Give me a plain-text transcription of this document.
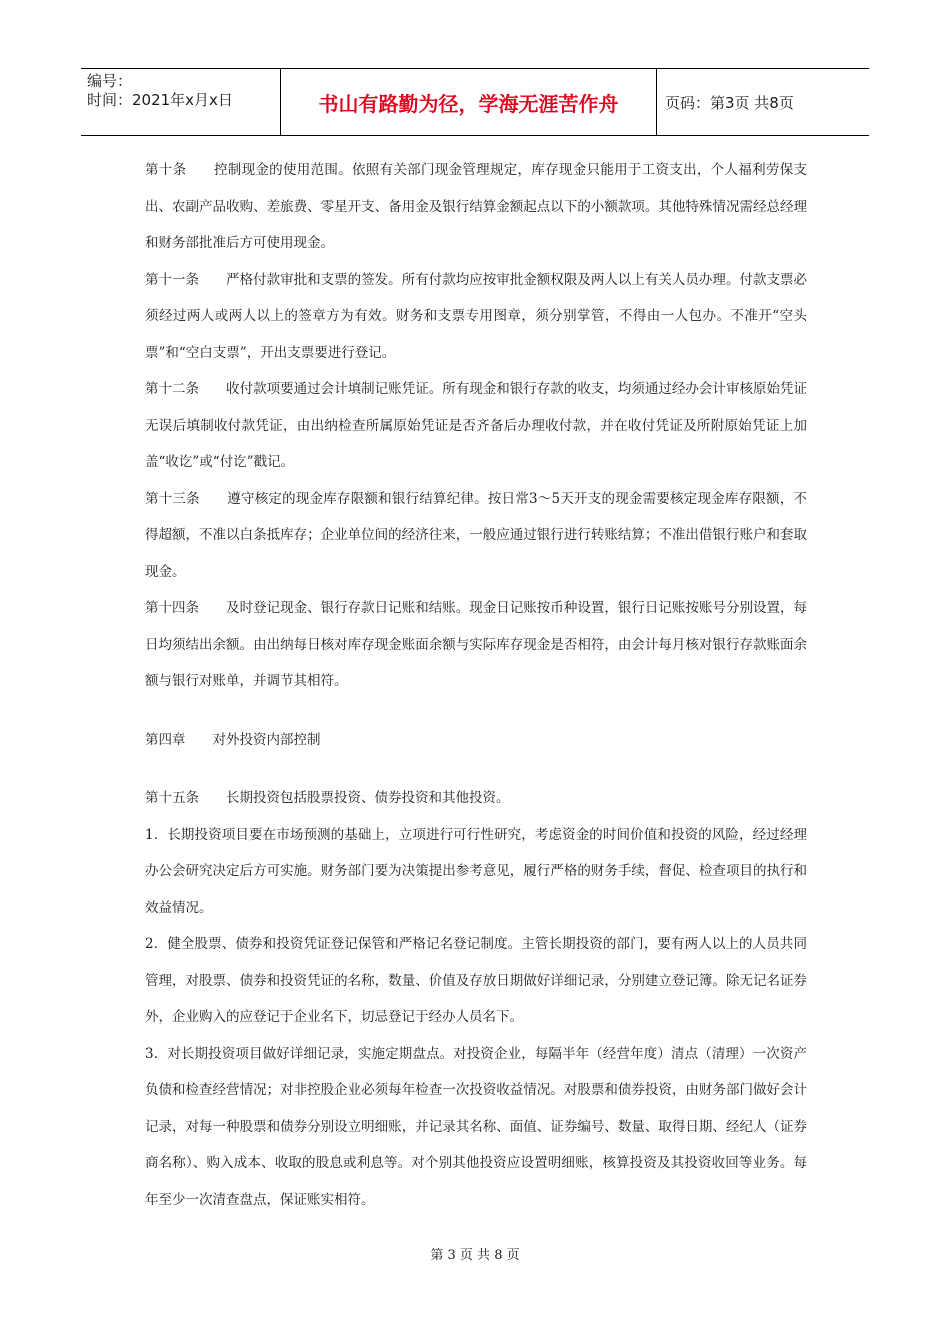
编号：
时间：2021年x月x日	书山有路勤为径，学海无涯苦作舟	页码：第3页 共8页

第十条　　控制现金的使用范围。依照有关部门现金管理规定，库存现金只能用于工资支出，个人福利劳保支出、农副产品收购、差旅费、零星开支、备用金及银行结算金额起点以下的小额款项。其他特殊情况需经总经理和财务部批准后方可使用现金。

第十一条　　严格付款审批和支票的签发。所有付款均应按审批金额权限及两人以上有关人员办理。付款支票必须经过两人或两人以上的签章方为有效。财务和支票专用图章，须分别掌管，不得由一人包办。不准开“空头票”和“空白支票”，开出支票要进行登记。

第十二条　　收付款项要通过会计填制记账凭证。所有现金和银行存款的收支，均须通过经办会计审核原始凭证无误后填制收付款凭证，由出纳检查所属原始凭证是否齐备后办理收付款，并在收付凭证及所附原始凭证上加盖“收讫”或“付讫”戳记。

第十三条　　遵守核定的现金库存限额和银行结算纪律。按日常3～5天开支的现金需要核定现金库存限额，不得超额，不准以白条抵库存；企业单位间的经济往来，一般应通过银行进行转账结算；不准出借银行账户和套取现金。

第十四条　　及时登记现金、银行存款日记账和结账。现金日记账按币种设置，银行日记账按账号分别设置，每日均须结出余额。由出纳每日核对库存现金账面余额与实际库存现金是否相符，由会计每月核对银行存款账面余额与银行对账单，并调节其相符。

第四章　　对外投资内部控制

第十五条　　长期投资包括股票投资、债券投资和其他投资。

1．长期投资项目要在市场预测的基础上，立项进行可行性研究，考虑资金的时间价值和投资的风险，经过经理办公会研究决定后方可实施。财务部门要为决策提出参考意见，履行严格的财务手续，督促、检查项目的执行和效益情况。

2．健全股票、债券和投资凭证登记保管和严格记名登记制度。主管长期投资的部门，要有两人以上的人员共同管理，对股票、债券和投资凭证的名称，数量、价值及存放日期做好详细记录，分别建立登记簿。除无记名证券外，企业购入的应登记于企业名下，切忌登记于经办人员名下。

3．对长期投资项目做好详细记录，实施定期盘点。对投资企业，每隔半年（经营年度）清点（清理）一次资产负债和检查经营情况；对非控股企业必须每年检查一次投资收益情况。对股票和债券投资，由财务部门做好会计记录，对每一种股票和债券分别设立明细账，并记录其名称、面值、证券编号、数量、取得日期、经纪人（证券商名称）、购入成本、收取的股息或利息等。对个别其他投资应设置明细账，核算投资及其投资收回等业务。每年至少一次清查盘点，保证账实相符。

第 3 页 共 8 页
